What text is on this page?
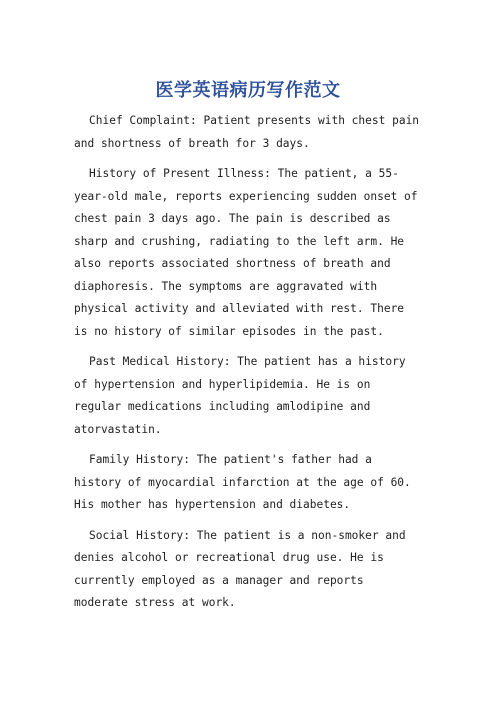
医学英语病历写作范文

Chief Complaint: Patient presents with chest pain and shortness of breath for 3 days.

History of Present Illness: The patient, a 55-year-old male, reports experiencing sudden onset of chest pain 3 days ago. The pain is described as sharp and crushing, radiating to the left arm. He also reports associated shortness of breath and diaphoresis. The symptoms are aggravated with physical activity and alleviated with rest. There is no history of similar episodes in the past.

Past Medical History: The patient has a history of hypertension and hyperlipidemia. He is on regular medications including amlodipine and atorvastatin.

Family History: The patient's father had a history of myocardial infarction at the age of 60. His mother has hypertension and diabetes.

Social History: The patient is a non-smoker and denies alcohol or recreational drug use. He is currently employed as a manager and reports moderate stress at work.
